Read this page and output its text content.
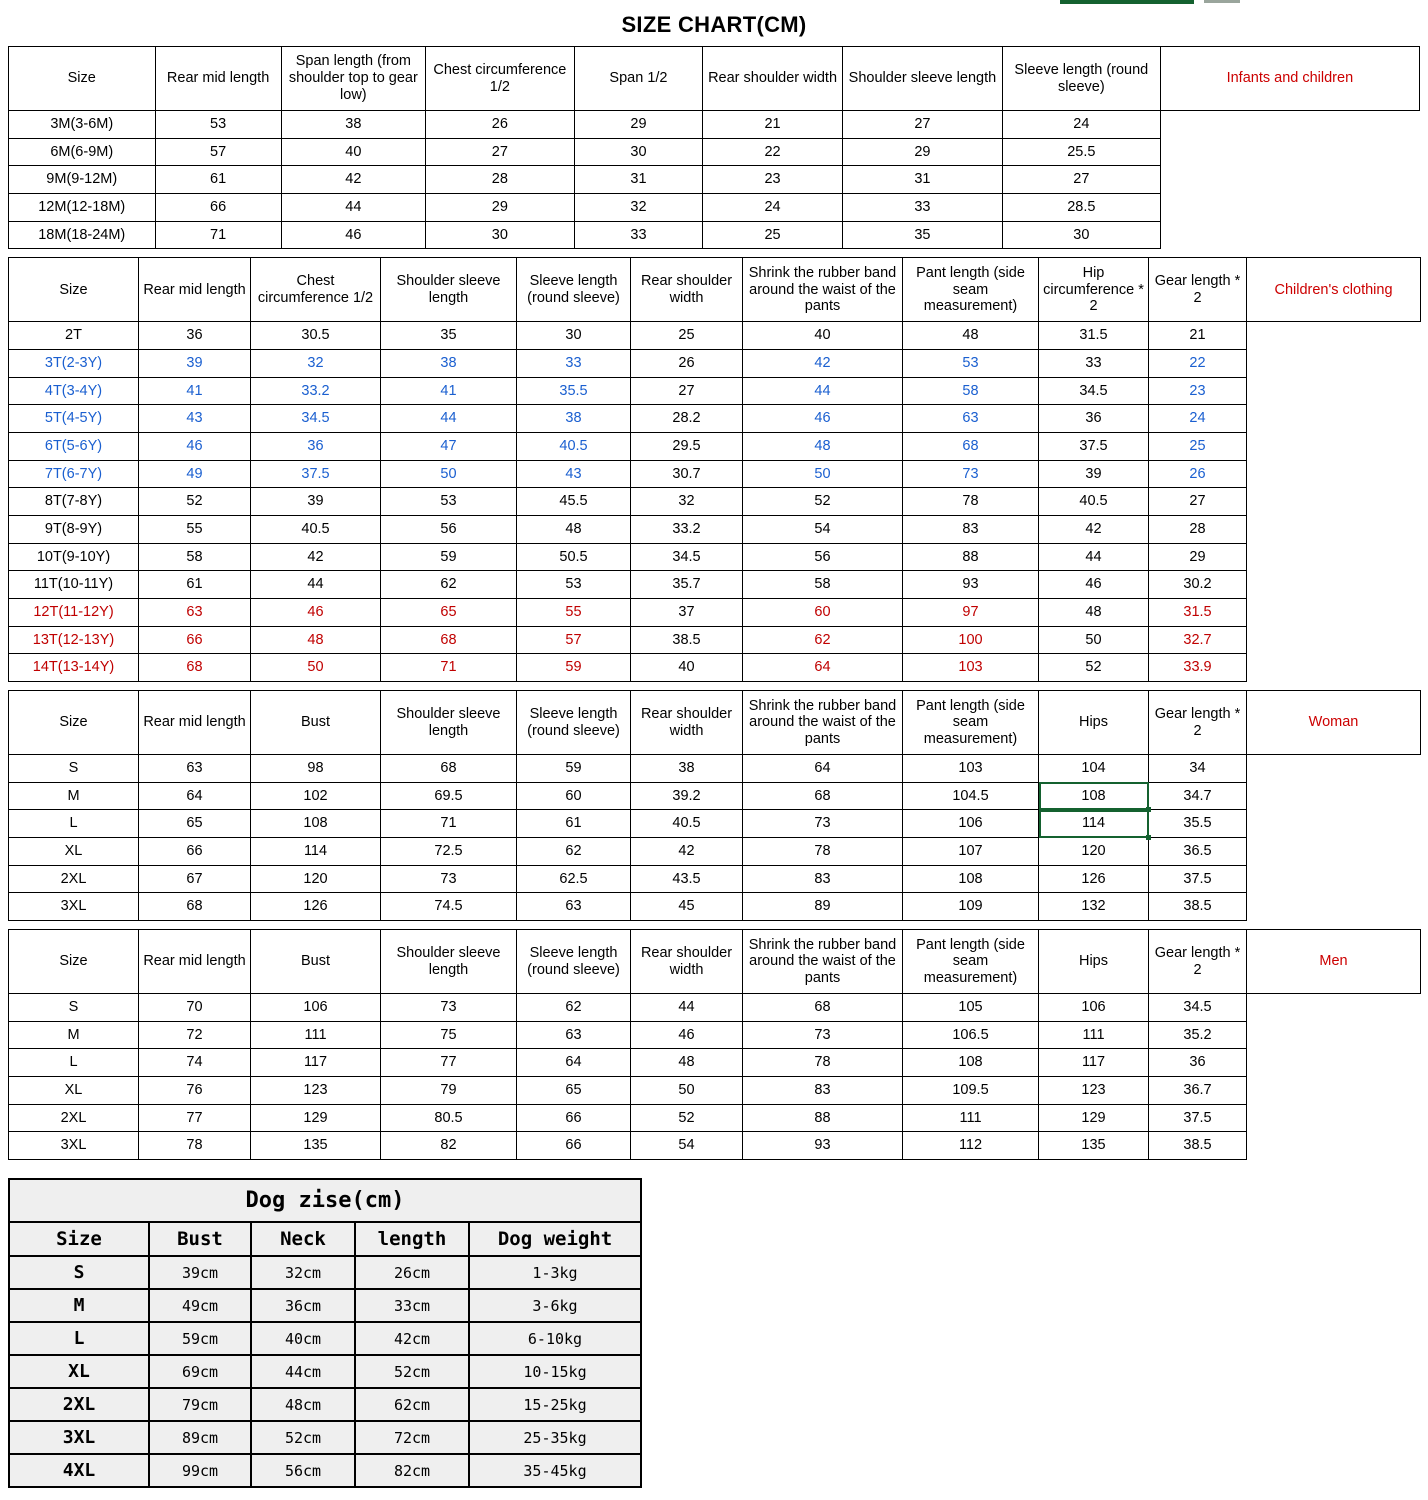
SIZE CHART(CM)
Size	Rear mid length	Span length (from shoulder top to gear low)	Chest circumference 1/2	Span 1/2	Rear shoulder width	Shoulder sleeve length	Sleeve length (round sleeve)	Infants and children
3M(3-6M)	53	38	26	29	21	27	24	
6M(6-9M)	57	40	27	30	22	29	25.5	
9M(9-12M)	61	42	28	31	23	31	27	
12M(12-18M)	66	44	29	32	24	33	28.5	
18M(18-24M)	71	46	30	33	25	35	30	
Size	Rear mid length	Chest circumference 1/2	Shoulder sleeve length	Sleeve length (round sleeve)	Rear shoulder width	Shrink the rubber band around the waist of the pants	Pant length (side seam measurement)	Hip circumference * 2	Gear length * 2	Children's clothing
2T	36	30.5	35	30	25	40	48	31.5	21	
3T(2-3Y)	39	32	38	33	26	42	53	33	22	
4T(3-4Y)	41	33.2	41	35.5	27	44	58	34.5	23	
5T(4-5Y)	43	34.5	44	38	28.2	46	63	36	24	
6T(5-6Y)	46	36	47	40.5	29.5	48	68	37.5	25	
7T(6-7Y)	49	37.5	50	43	30.7	50	73	39	26	
8T(7-8Y)	52	39	53	45.5	32	52	78	40.5	27	
9T(8-9Y)	55	40.5	56	48	33.2	54	83	42	28	
10T(9-10Y)	58	42	59	50.5	34.5	56	88	44	29	
11T(10-11Y)	61	44	62	53	35.7	58	93	46	30.2	
12T(11-12Y)	63	46	65	55	37	60	97	48	31.5	
13T(12-13Y)	66	48	68	57	38.5	62	100	50	32.7	
14T(13-14Y)	68	50	71	59	40	64	103	52	33.9	
Size	Rear mid length	Bust	Shoulder sleeve length	Sleeve length (round sleeve)	Rear shoulder width	Shrink the rubber band around the waist of the pants	Pant length (side seam measurement)	Hips	Gear length * 2	Woman
S	63	98	68	59	38	64	103	104	34	
M	64	102	69.5	60	39.2	68	104.5	108	34.7	
L	65	108	71	61	40.5	73	106	114	35.5	
XL	66	114	72.5	62	42	78	107	120	36.5	
2XL	67	120	73	62.5	43.5	83	108	126	37.5	
3XL	68	126	74.5	63	45	89	109	132	38.5	
Size	Rear mid length	Bust	Shoulder sleeve length	Sleeve length (round sleeve)	Rear shoulder width	Shrink the rubber band around the waist of the pants	Pant length (side seam measurement)	Hips	Gear length * 2	Men
S	70	106	73	62	44	68	105	106	34.5	
M	72	111	75	63	46	73	106.5	111	35.2	
L	74	117	77	64	48	78	108	117	36	
XL	76	123	79	65	50	83	109.5	123	36.7	
2XL	77	129	80.5	66	52	88	111	129	37.5	
3XL	78	135	82	66	54	93	112	135	38.5	
Dog zise(cm)				
Size	Bust	Neck	length	Dog weight
S	39cm	32cm	26cm	1-3kg
M	49cm	36cm	33cm	3-6kg
L	59cm	40cm	42cm	6-10kg
XL	69cm	44cm	52cm	10-15kg
2XL	79cm	48cm	62cm	15-25kg
3XL	89cm	52cm	72cm	25-35kg
4XL	99cm	56cm	82cm	35-45kg
